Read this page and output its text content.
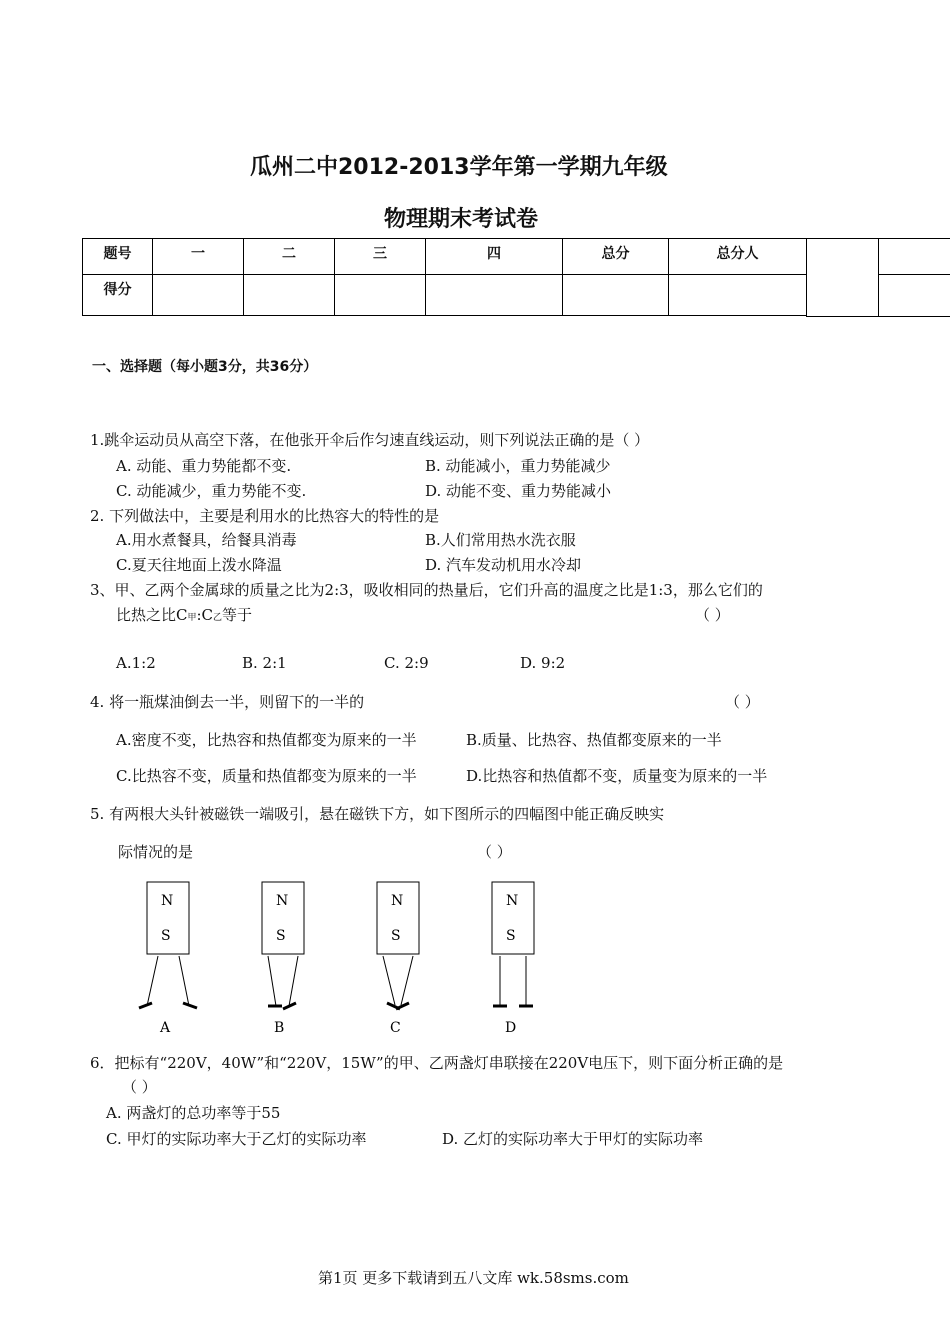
瓜州二中2012-2013学年第一学期九年级
物理期末考试卷
题号	一	二	三	四	总分	总分人
得分						
一、选择题（每小题3分，共36分）
1.跳伞运动员从高空下落，在他张开伞后作匀速直线运动，则下列说法正确的是（ ）
A. 动能、重力势能都不变.	B. 动能减小，重力势能减少
C. 动能减少，重力势能不变.	D. 动能不变、重力势能减小
2. 下列做法中，主要是利用水的比热容大的特性的是
A.用水煮餐具，给餐具消毒	B.人们常用热水洗衣服
C.夏天往地面上泼水降温	D. 汽车发动机用水冷却
3、甲、乙两个金属球的质量之比为2:3，吸收相同的热量后，它们升高的温度之比是1:3，那么它们的
比热之比C甲:C乙等于	（ ）
A.1:2	B. 2:1	C. 2:9	D. 9:2
4. 将一瓶煤油倒去一半，则留下的一半的	（ ）
A.密度不变，比热容和热值都变为原来的一半	B.质量、比热容、热值都变原来的一半
C.比热容不变，质量和热值都变为原来的一半	D.比热容和热值都不变，质量变为原来的一半
5. 有两根大头针被磁铁一端吸引，悬在磁铁下方，如下图所示的四幅图中能正确反映实
际情况的是	（ ）
N
S
A
N
S
B
N
S
C
N
S
D
6．把标有“220V，40W”和“220V，15W”的甲、乙两盏灯串联接在220V电压下，则下面分析正确的是
（ ）
A. 两盏灯的总功率等于55
C. 甲灯的实际功率大于乙灯的实际功率	D. 乙灯的实际功率大于甲灯的实际功率
第1页 更多下载请到五八文库 wk.58sms.com
